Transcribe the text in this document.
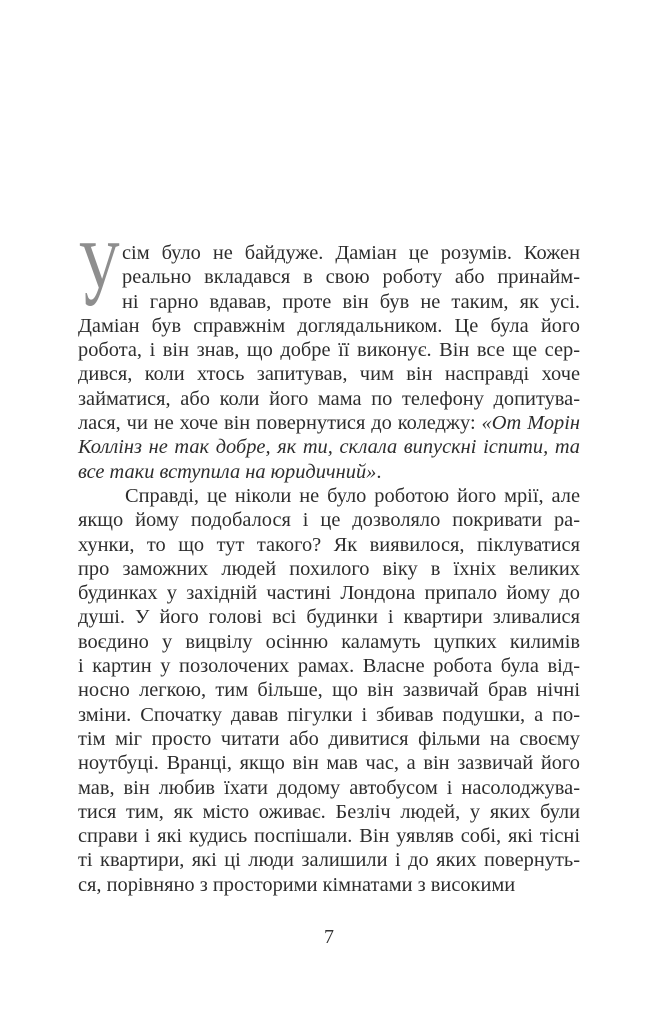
У сім було не байдуже. Даміан це розумів. Кожен
реально вкладався в свою роботу або принайм-
ні гарно вдавав, проте він був не таким, як усі.
Даміан був справжнім доглядальником. Це була його
робота, і він знав, що добре її виконує. Він все ще сер-
дився, коли хтось запитував, чим він насправді хоче
займатися, або коли його мама по телефону допитува-
лася, чи не хоче він повернутися до коледжу: «От Морін
Коллінз не так добре, як ти, склала випускні іспити, та
все таки вступила на юридичний».
Справді, це ніколи не було роботою його мрії, але
якщо йому подобалося і це дозволяло покривати ра-
хунки, то що тут такого? Як виявилося, піклуватися
про заможних людей похилого віку в їхніх великих
будинках у західній частині Лондона припало йому до
душі. У його голові всі будинки і квартири зливалися
воєдино у вицвілу осінню каламуть цупких килимів
і картин у позолочених рамах. Власне робота була від-
носно легкою, тим більше, що він зазвичай брав нічні
зміни. Спочатку давав пігулки і збивав подушки, а по-
тім міг просто читати або дивитися фільми на своєму
ноутбуці. Вранці, якщо він мав час, а він зазвичай його
мав, він любив їхати додому автобусом і насолоджува-
тися тим, як місто оживає. Безліч людей, у яких були
справи і які кудись поспішали. Він уявляв собі, які тісні
ті квартири, які ці люди залишили і до яких повернуть-
ся, порівняно з просторими кімнатами з високими
7
